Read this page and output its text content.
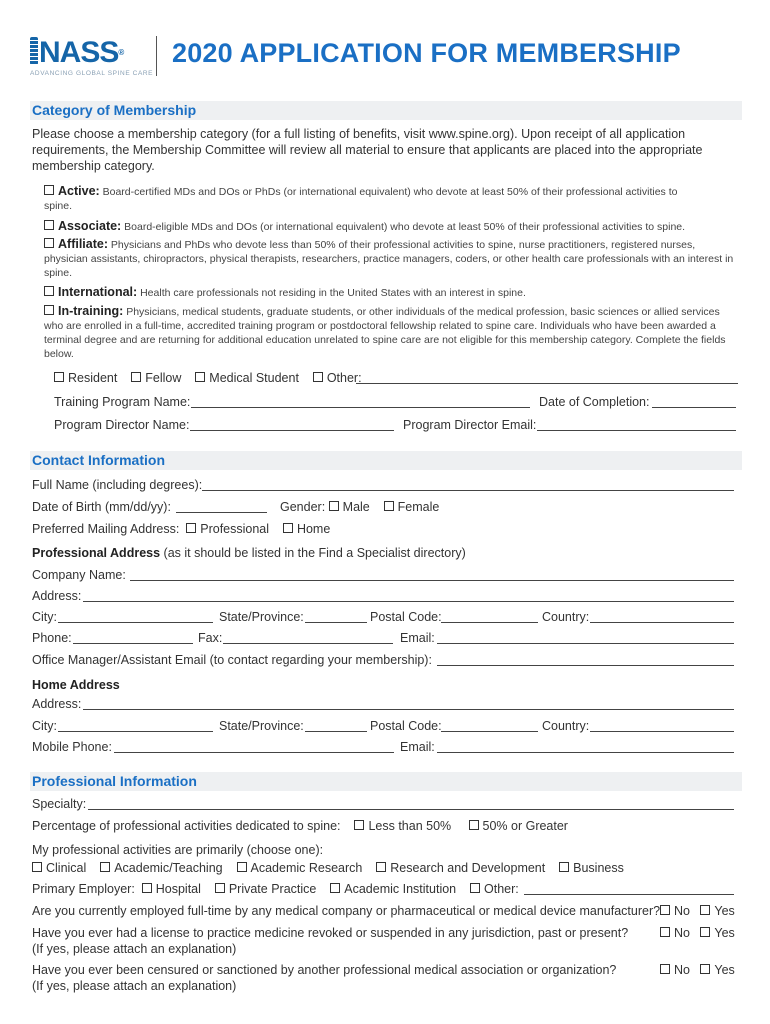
NASS®
ADVANCING GLOBAL SPINE CARE
2020 APPLICATION FOR MEMBERSHIP
Category of Membership
Please choose a membership category (for a full listing of benefits, visit www.spine.org). Upon receipt of all application requirements, the Membership Committee will review all material to ensure that applicants are placed into the appropriate membership category.
Active: Board-certified MDs and DOs or PhDs (or international equivalent) who devote at least 50% of their professional activities to spine.
Associate: Board-eligible MDs and DOs (or international equivalent) who devote at least 50% of their professional activities to spine.
Affiliate: Physicians and PhDs who devote less than 50% of their professional activities to spine, nurse practitioners, registered nurses, physician assistants, chiropractors, physical therapists, researchers, practice managers, coders, or other health care professionals with an interest in spine.
International: Health care professionals not residing in the United States with an interest in spine.
In-training: Physicians, medical students, graduate students, or other individuals of the medical profession, basic sciences or allied services who are enrolled in a full-time, accredited training program or postdoctoral fellowship related to spine care. Individuals who have been awarded a terminal degree and are returning for additional education unrelated to spine care are not eligible for this membership category. Complete the fields below.
Resident Fellow Medical Student Other:
Training Program Name:	Date of Completion:
Program Director Name:	Program Director Email:
Contact Information
Full Name (including degrees):
Date of Birth (mm/dd/yy):	Gender: Male Female
Preferred Mailing Address: Professional Home
Professional Address (as it should be listed in the Find a Specialist directory)
Company Name:
Address:
City:	State/Province:	Postal Code:	Country:
Phone:	Fax:	Email:
Office Manager/Assistant Email (to contact regarding your membership):
Home Address
Address:
City:	State/Province:	Postal Code:	Country:
Mobile Phone:	Email:
Professional Information
Specialty:
Percentage of professional activities dedicated to spine: Less than 50%	50% or Greater
My professional activities are primarily (choose one):
Clinical Academic/Teaching Academic Research Research and Development Business
Primary Employer: Hospital Private Practice Academic Institution Other:
Are you currently employed full-time by any medical company or pharmaceutical or medical device manufacturer?	No Yes
Have you ever had a license to practice medicine revoked or suspended in any jurisdiction, past or present?
(If yes, please attach an explanation)
No Yes
Have you ever been censured or sanctioned by another professional medical association or organization?
(If yes, please attach an explanation)
No Yes
